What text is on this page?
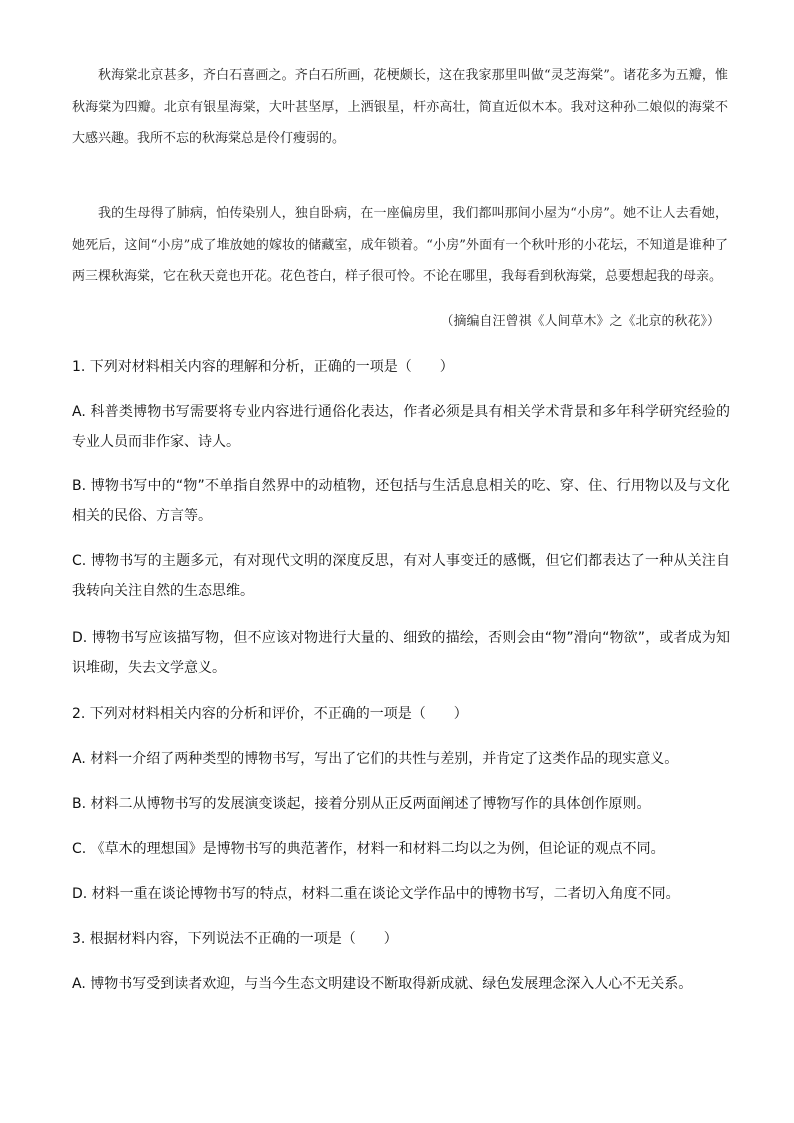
秋海棠北京甚多，齐白石喜画之。齐白石所画，花梗颇长，这在我家那里叫做“灵芝海棠”。诸花多为五瓣，惟秋海棠为四瓣。北京有银星海棠，大叶甚坚厚，上洒银星，杆亦高壮，简直近似木本。我对这种孙二娘似的海棠不大感兴趣。我所不忘的秋海棠总是伶仃瘦弱的。

我的生母得了肺病，怕传染别人，独自卧病，在一座偏房里，我们都叫那间小屋为“小房”。她不让人去看她，她死后，这间“小房”成了堆放她的嫁妆的储藏室，成年锁着。“小房”外面有一个秋叶形的小花坛，不知道是谁种了两三棵秋海棠，它在秋天竟也开花。花色苍白，样子很可怜。不论在哪里，我每看到秋海棠，总要想起我的母亲。

（摘编自汪曾祺《人间草木》之《北京的秋花》）

1. 下列对材料相关内容的理解和分析，正确的一项是（　　）

A. 科普类博物书写需要将专业内容进行通俗化表达，作者必须是具有相关学术背景和多年科学研究经验的专业人员而非作家、诗人。

B. 博物书写中的“物”不单指自然界中的动植物，还包括与生活息息相关的吃、穿、住、行用物以及与文化相关的民俗、方言等。

C. 博物书写的主题多元，有对现代文明的深度反思，有对人事变迁的感慨，但它们都表达了一种从关注自我转向关注自然的生态思维。

D. 博物书写应该描写物，但不应该对物进行大量的、细致的描绘，否则会由“物”滑向“物欲”，或者成为知识堆砌，失去文学意义。

2. 下列对材料相关内容的分析和评价，不正确的一项是（　　）

A. 材料一介绍了两种类型的博物书写，写出了它们的共性与差别，并肯定了这类作品的现实意义。

B. 材料二从博物书写的发展演变谈起，接着分别从正反两面阐述了博物写作的具体创作原则。

C. 《草木的理想国》是博物书写的典范著作，材料一和材料二均以之为例，但论证的观点不同。

D. 材料一重在谈论博物书写的特点，材料二重在谈论文学作品中的博物书写，二者切入角度不同。

3. 根据材料内容，下列说法不正确的一项是（　　）

A. 博物书写受到读者欢迎，与当今生态文明建设不断取得新成就、绿色发展理念深入人心不无关系。
